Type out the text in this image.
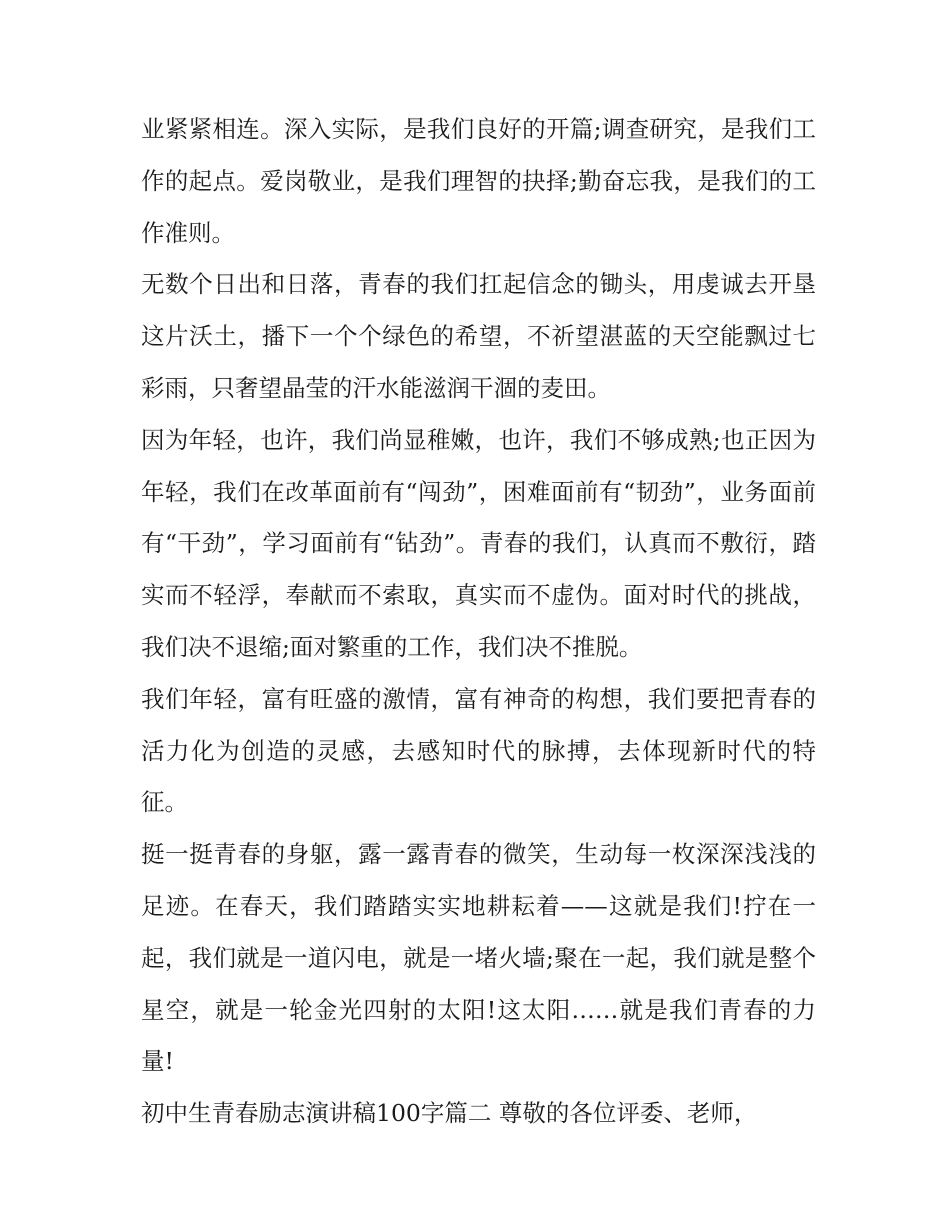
业紧紧相连。深入实际，是我们良好的开篇;调查研究，是我们工作的起点。爱岗敬业，是我们理智的抉择;勤奋忘我，是我们的工作准则。

无数个日出和日落，青春的我们扛起信念的锄头，用虔诚去开垦这片沃土，播下一个个绿色的希望，不祈望湛蓝的天空能飘过七彩雨，只奢望晶莹的汗水能滋润干涸的麦田。

因为年轻，也许，我们尚显稚嫩，也许，我们不够成熟;也正因为年轻，我们在改革面前有“闯劲”，困难面前有“韧劲”，业务面前有“干劲”，学习面前有“钻劲”。青春的我们，认真而不敷衍，踏实而不轻浮，奉献而不索取，真实而不虚伪。面对时代的挑战，我们决不退缩;面对繁重的工作，我们决不推脱。

我们年轻，富有旺盛的激情，富有神奇的构想，我们要把青春的活力化为创造的灵感，去感知时代的脉搏，去体现新时代的特征。

挺一挺青春的身躯，露一露青春的微笑，生动每一枚深深浅浅的足迹。在春天，我们踏踏实实地耕耘着——这就是我们!拧在一起，我们就是一道闪电，就是一堵火墙;聚在一起，我们就是整个星空，就是一轮金光四射的太阳!这太阳……就是我们青春的力量!

初中生青春励志演讲稿100字篇二 尊敬的各位评委、老师，
